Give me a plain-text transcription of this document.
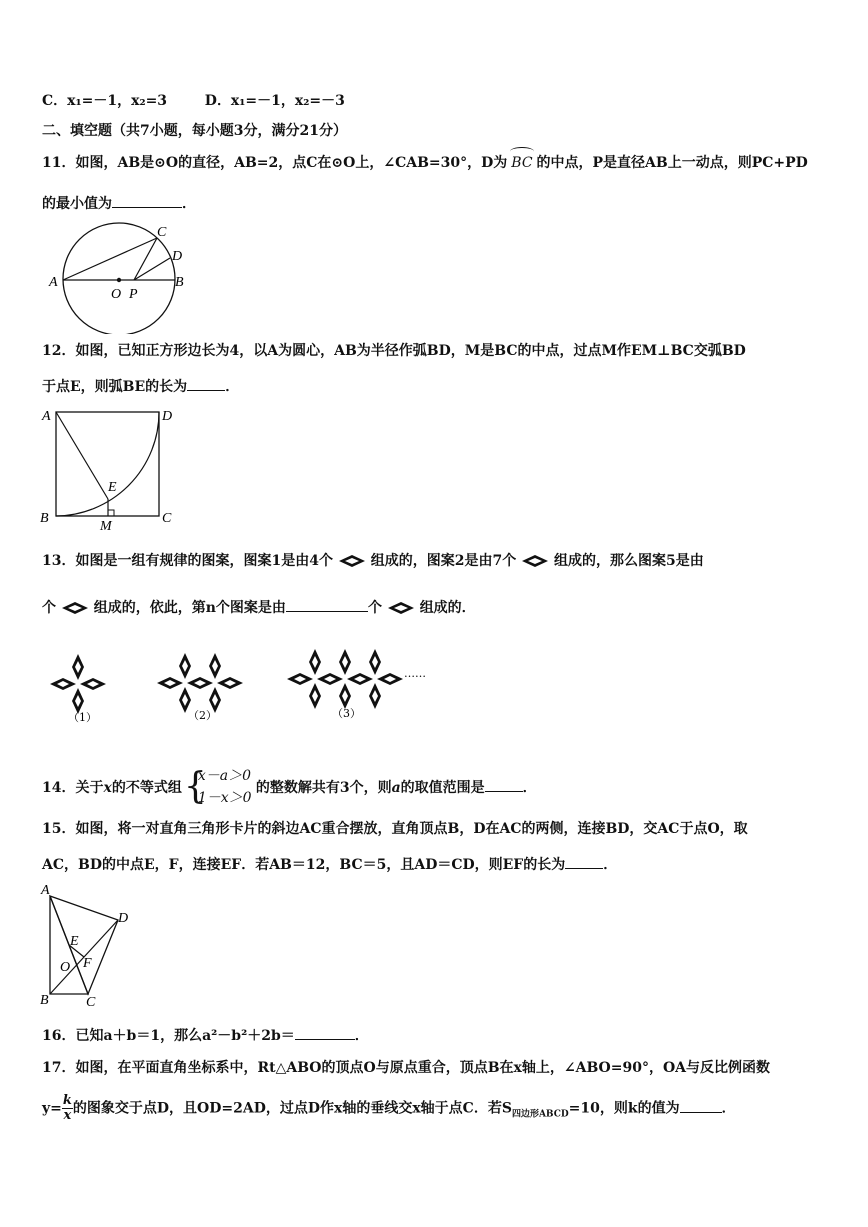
C．x₁=－1，x₂=3	D．x₁=－1，x₂=－3
二、填空题（共7小题，每小题3分，满分21分）
11．如图，AB是⊙O的直径，AB=2，点C在⊙O上，∠CAB=30°，D为 BC 的中点，P是直径AB上一动点，则PC+PD
的最小值为	．
A
O P
B
C
D
12．如图，已知正方形边长为4，以A为圆心，AB为半径作弧BD，M是BC的中点，过点M作EM⊥BC交弧BD
于点E，则弧BE的长为	．
A	D
E
B
M
C
13．如图是一组有规律的图案，图案1是由4个	组成的，图案2是由7个	组成的，那么图案5是由
个	组成的，依此，第n个图案是由	个	组成的．
（1）	（2）	（3）
……
14．关于x的不等式组 {
x－a＞0
1－x＞0
的整数解共有3个，则a的取值范围是	．
15．如图，将一对直角三角形卡片的斜边AC重合摆放，直角顶点B，D在AC的两侧，连接BD，交AC于点O，取
AC，BD的中点E，F，连接EF．若AB＝12，BC＝5，且AD＝CD，则EF的长为	．
A
D
E
O F
B	C
16．已知a＋b＝1，那么a²－b²＋2b＝	．
17．如图，在平面直角坐标系中，Rt△ABO的顶点O与原点重合，顶点B在x轴上，∠ABO=90°，OA与反比例函数
$y= \frac{k}{x}$ 的图象交于点D，且OD=2AD，过点D作x轴的垂线交x轴于点C．若$S_{四边形ABCD}=10$，则k的值为	．
